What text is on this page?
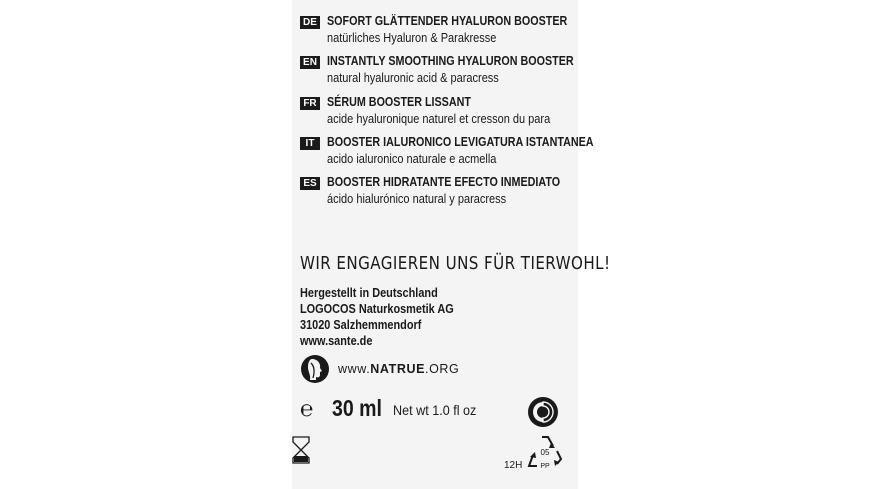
DE SOFORT GLÄTTENDER HYALURON BOOSTER
natürliches Hyaluron & Parakresse
EN INSTANTLY SMOOTHING HYALURON BOOSTER
natural hyaluronic acid & paracress
FR SÉRUM BOOSTER LISSANT
acide hyaluronique naturel et cresson du para
IT	BOOSTER IALURONICO LEVIGATURA ISTANTANEA
acido ialuronico naturale e acmella
ES BOOSTER HIDRATANTE EFECTO INMEDIATO
ácido hialurónico natural y paracress
WIR ENGAGIEREN UNS FÜR TIERWOHL!
Hergestellt in Deutschland
LOGOCOS Naturkosmetik AG
31020 Salzhemmendorf
www.sante.de
www.NATRUE.ORG
℮ 30 ml Net wt 1.0 fl oz
05
PP
12H
